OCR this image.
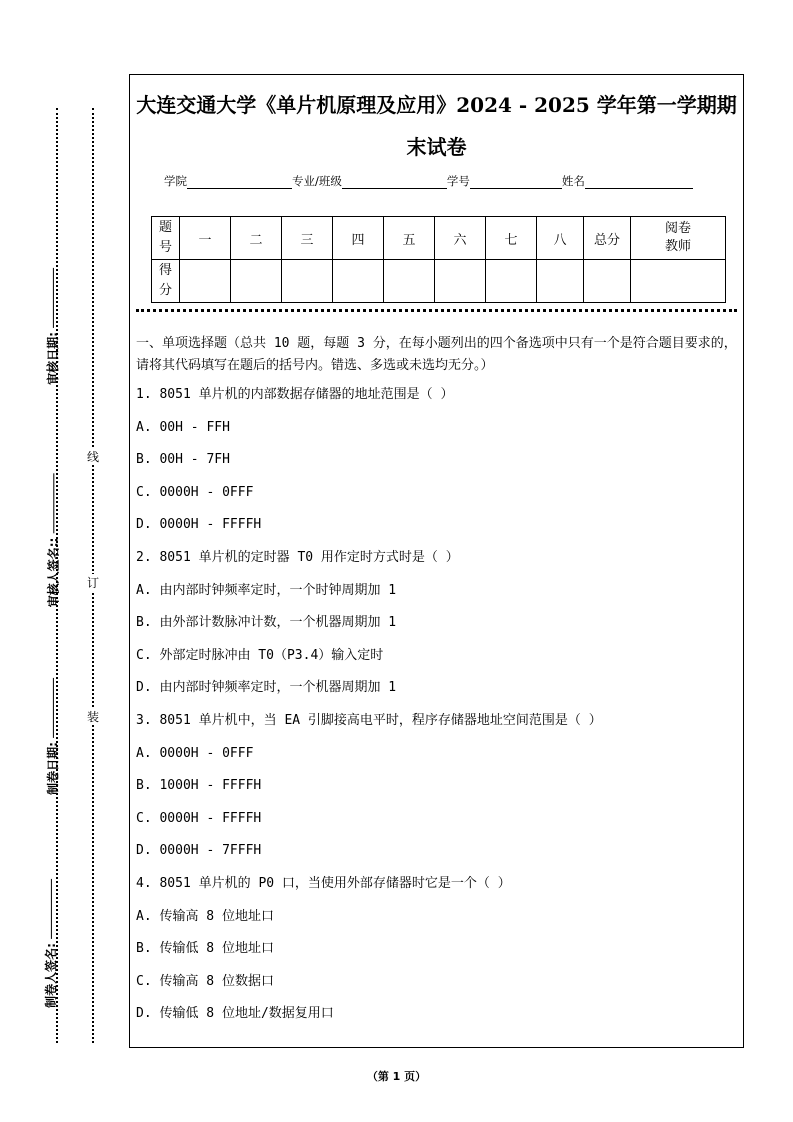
审核日期:
审核人签名::
制卷日期:
制卷人签名:
线
订
装
大连交通大学《单片机原理及应用》2024 - 2025 学年第一学期期
末试卷
学院	专业/班级	学号	姓名
题号	一	二	三	四	五	六	七	八	总分	阅卷教师
得分										
一、单项选择题（总共 10 题，每题 3 分，在每小题列出的四个备选项中只有一个是符合题目要求的，请将其代码填写在题后的括号内。错选、多选或未选均无分。）
1. 8051 单片机的内部数据存储器的地址范围是（ ）
A. 00H - FFH
B. 00H - 7FH
C. 0000H - 0FFF
D. 0000H - FFFFH
2. 8051 单片机的定时器 T0 用作定时方式时是（ ）
A. 由内部时钟频率定时，一个时钟周期加 1
B. 由外部计数脉冲计数，一个机器周期加 1
C. 外部定时脉冲由 T0（P3.4）输入定时
D. 由内部时钟频率定时，一个机器周期加 1
3. 8051 单片机中，当 EA 引脚接高电平时，程序存储器地址空间范围是（ ）
A. 0000H - 0FFF
B. 1000H - FFFFH
C. 0000H - FFFFH
D. 0000H - 7FFFH
4. 8051 单片机的 P0 口，当使用外部存储器时它是一个（ ）
A. 传输高 8 位地址口
B. 传输低 8 位地址口
C. 传输高 8 位数据口
D. 传输低 8 位地址/数据复用口
（第 1 页）
